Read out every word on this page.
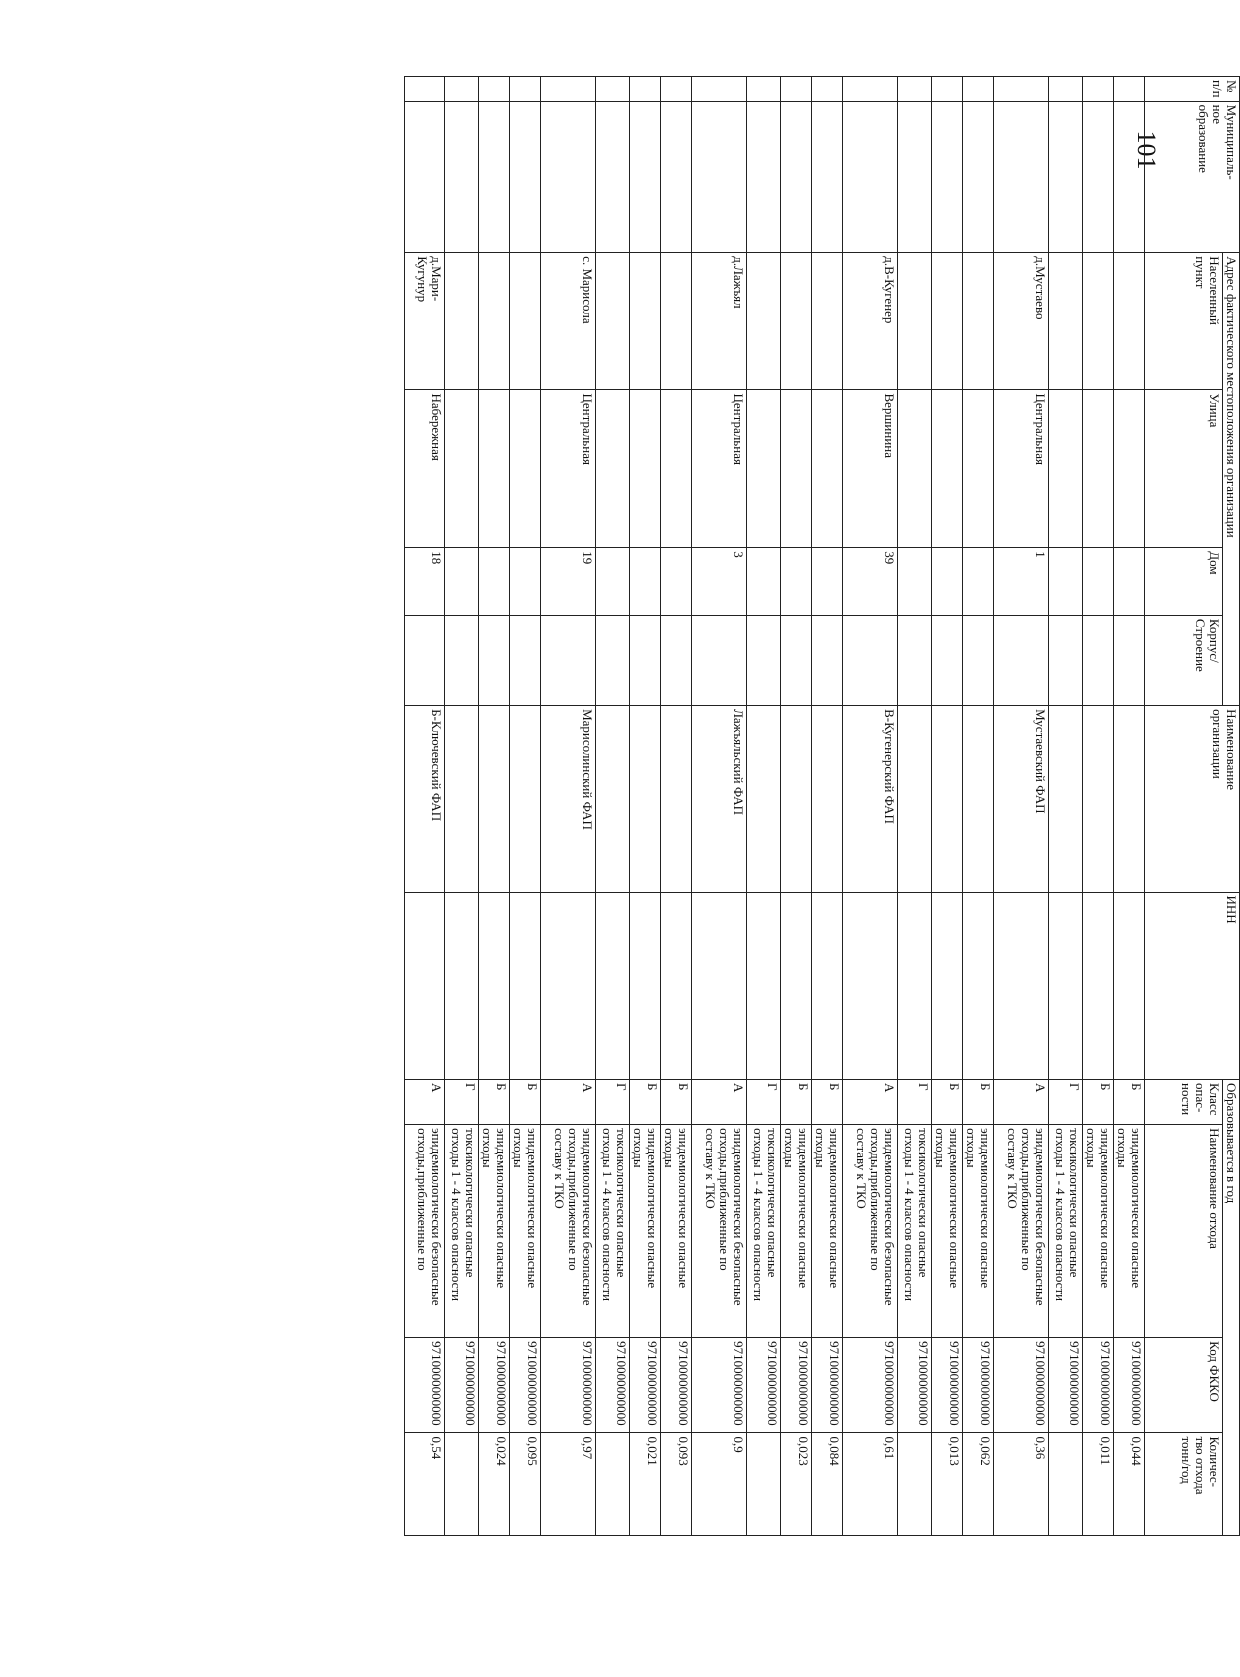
101
№
п/п	Муниципаль-
ное
образование	Адрес фактического местоположения организации				Наименование
организации	ИНН	Образовывается в год			
		Населенный
пункт	Улица	Дом	Корпус/
Строение			Класс
опас-
ности	Наименование отхода	Код ФККО	Количес-
тво отхода
тонн/год
								Б	эпидемиологически опасные
отходы	9710000000000	0,044
								Б	эпидемиологически опасные
отходы	9710000000000	0,011
								Г	токсикологически опасные
отходы 1 - 4 классов опасности	9710000000000	
		д.Мустаево	Центральная	1		Мустаевский ФАП		А	эпидемиологически безопасные
отходы,приближенные по
составу к ТКО	9710000000000	0,36
								Б	эпидемиологически опасные
отходы	9710000000000	0,062
								Б	эпидемиологически опасные
отходы	9710000000000	0,013
								Г	токсикологически опасные
отходы 1 - 4 классов опасности	9710000000000	
		д.В-Кугенер	Вершинина	39		В-Кугенерский ФАП		А	эпидемиологически безопасные
отходы,приближенные по
составу к ТКО	9710000000000	0,61
								Б	эпидемиологически опасные
отходы	9710000000000	0,084
								Б	эпидемиологически опасные
отходы	9710000000000	0,023
								Г	токсикологически опасные
отходы 1 - 4 классов опасности	9710000000000	
		д.Лажъял	Центральная	3		Лажъяльский ФАП		А	эпидемиологически безопасные
отходы,приближенные по
составу к ТКО	9710000000000	0,9
								Б	эпидемиологически опасные
отходы	9710000000000	0,093
								Б	эпидемиологически опасные
отходы	9710000000000	0,021
								Г	токсикологически опасные
отходы 1 - 4 классов опасности	9710000000000	
		с. Марисола	Центральная	19		Марисолинский ФАП		А	эпидемиологически безопасные
отходы,приближенные по
составу к ТКО	9710000000000	0,97
								Б	эпидемиологически опасные
отходы	9710000000000	0,095
								Б	эпидемиологически опасные
отходы	9710000000000	0,024
								Г	токсикологически опасные
отходы 1 - 4 классов опасности	9710000000000	
		д.Мари-
Кугунур	Набережная	18		Б-Ключевский ФАП		А	эпидемиологически безопасные
отходы,приближенные по	9710000000000	0,54
